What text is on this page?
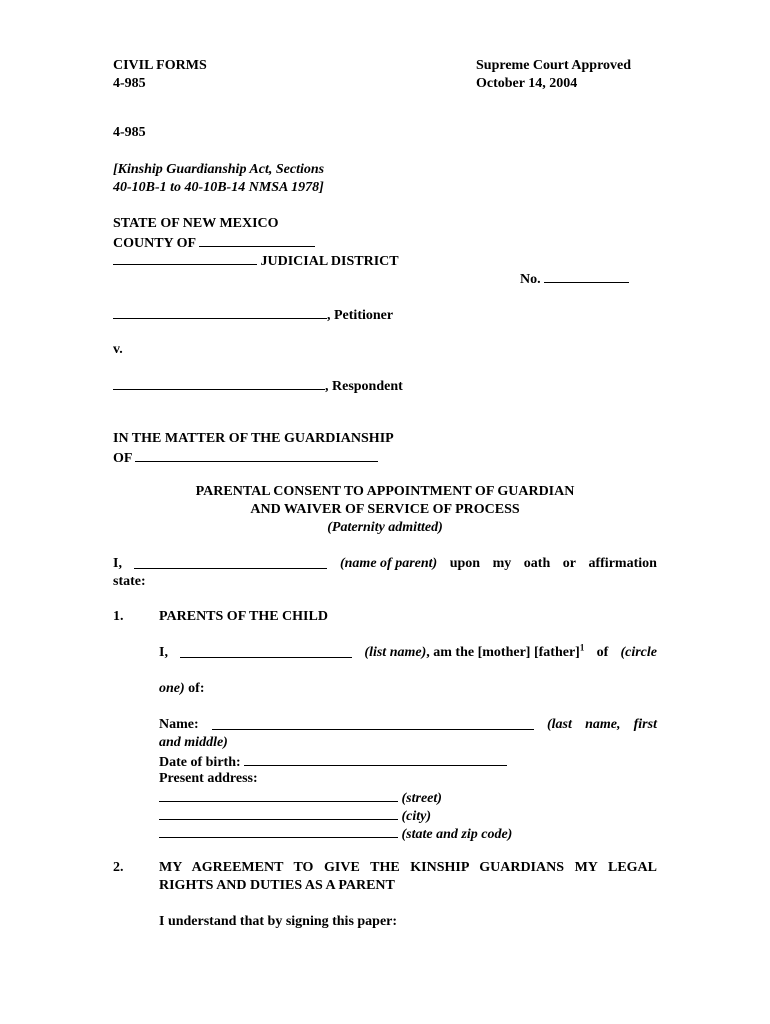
CIVIL FORMS
4-985
Supreme Court Approved
October 14, 2004
4-985
[Kinship Guardianship Act, Sections
40-10B-1 to 40-10B-14 NMSA 1978]
STATE OF NEW MEXICO
COUNTY OF
JUDICIAL DISTRICT
No.
, Petitioner
v.
, Respondent
IN THE MATTER OF THE GUARDIANSHIP
OF
PARENTAL CONSENT TO APPOINTMENT OF GUARDIAN
AND WAIVER OF SERVICE OF PROCESS
(Paternity admitted)
I,	(name of parent) upon my oath or affirmation
state:
1.	PARENTS OF THE CHILD
I,	(list name), am the [mother] [father]$^1$ of (circle
one) of:
Name:	(last name, first
and middle)
Date of birth:
Present address:
(street)
(city)
(state and zip code)
2.	MY AGREEMENT TO GIVE THE KINSHIP GUARDIANS MY LEGAL
RIGHTS AND DUTIES AS A PARENT
I understand that by signing this paper:
